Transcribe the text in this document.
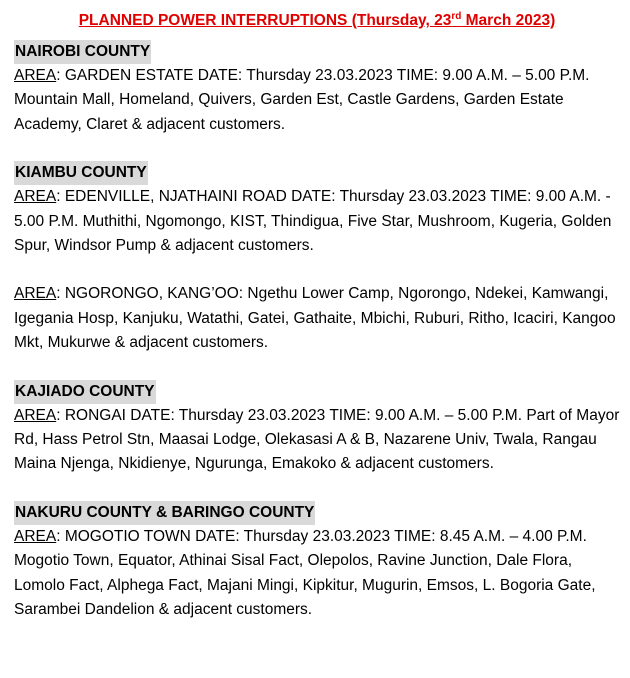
PLANNED POWER INTERRUPTIONS (Thursday, 23rd March 2023)
NAIROBI COUNTY

AREA: GARDEN ESTATE DATE: Thursday 23.03.2023 TIME: 9.00 A.M. – 5.00 P.M. Mountain Mall, Homeland, Quivers, Garden Est, Castle Gardens, Garden Estate Academy, Claret & adjacent customers.

KIAMBU COUNTY

AREA: EDENVILLE, NJATHAINI ROAD DATE: Thursday 23.03.2023 TIME: 9.00 A.M. - 5.00 P.M. Muthithi, Ngomongo, KIST, Thindigua, Five Star, Mushroom, Kugeria, Golden Spur, Windsor Pump & adjacent customers.

AREA: NGORONGO, KANG’OO: Ngethu Lower Camp, Ngorongo, Ndekei, Kamwangi, Igegania Hosp, Kanjuku, Watathi, Gatei, Gathaite, Mbichi, Ruburi, Ritho, Icaciri, Kangoo Mkt, Mukurwe & adjacent customers.

KAJIADO COUNTY

AREA: RONGAI DATE: Thursday 23.03.2023 TIME: 9.00 A.M. – 5.00 P.M. Part of Mayor Rd, Hass Petrol Stn, Maasai Lodge, Olekasasi A & B, Nazarene Univ, Twala, Rangau Maina Njenga, Nkidienye, Ngurunga, Emakoko & adjacent customers.

NAKURU COUNTY & BARINGO COUNTY

AREA: MOGOTIO TOWN DATE: Thursday 23.03.2023 TIME: 8.45 A.M. – 4.00 P.M. Mogotio Town, Equator, Athinai Sisal Fact, Olepolos, Ravine Junction, Dale Flora, Lomolo Fact, Alphega Fact, Majani Mingi, Kipkitur, Mugurin, Emsos, L. Bogoria Gate, Sarambei Dandelion & adjacent customers.
